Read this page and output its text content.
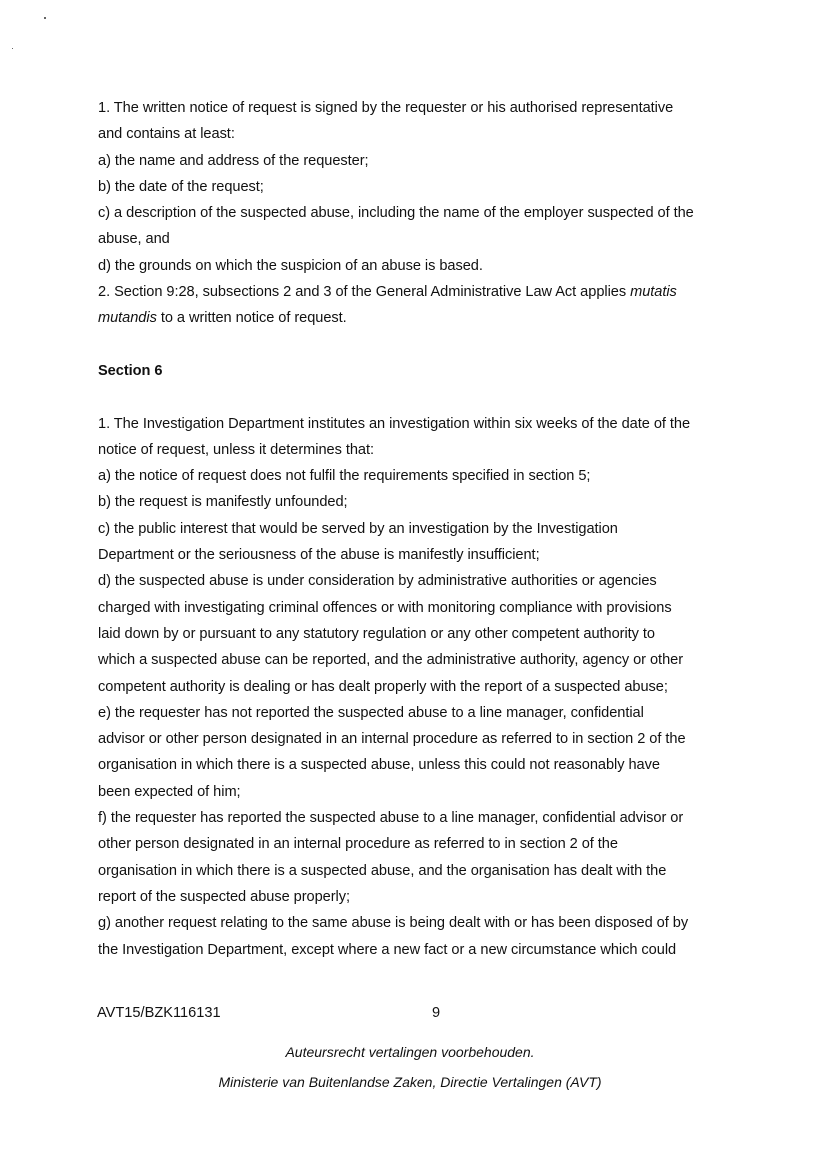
1. The written notice of request is signed by the requester or his authorised representative
and contains at least:
a) the name and address of the requester;
b) the date of the request;
c) a description of the suspected abuse, including the name of the employer suspected of the
abuse, and
d) the grounds on which the suspicion of an abuse is based.
2. Section 9:28, subsections 2 and 3 of the General Administrative Law Act applies mutatis
mutandis to a written notice of request.
Section 6
1. The Investigation Department institutes an investigation within six weeks of the date of the
notice of request, unless it determines that:
a) the notice of request does not fulfil the requirements specified in section 5;
b) the request is manifestly unfounded;
c) the public interest that would be served by an investigation by the Investigation
Department or the seriousness of the abuse is manifestly insufficient;
d) the suspected abuse is under consideration by administrative authorities or agencies
charged with investigating criminal offences or with monitoring compliance with provisions
laid down by or pursuant to any statutory regulation or any other competent authority to
which a suspected abuse can be reported, and the administrative authority, agency or other
competent authority is dealing or has dealt properly with the report of a suspected abuse;
e) the requester has not reported the suspected abuse to a line manager, confidential
advisor or other person designated in an internal procedure as referred to in section 2 of the
organisation in which there is a suspected abuse, unless this could not reasonably have
been expected of him;
f) the requester has reported the suspected abuse to a line manager, confidential advisor or
other person designated in an internal procedure as referred to in section 2 of the
organisation in which there is a suspected abuse, and the organisation has dealt with the
report of the suspected abuse properly;
g) another request relating to the same abuse is being dealt with or has been disposed of by
the Investigation Department, except where a new fact or a new circumstance which could
AVT15/BZK116131	9
Auteursrecht vertalingen voorbehouden.
Ministerie van Buitenlandse Zaken, Directie Vertalingen (AVT)
